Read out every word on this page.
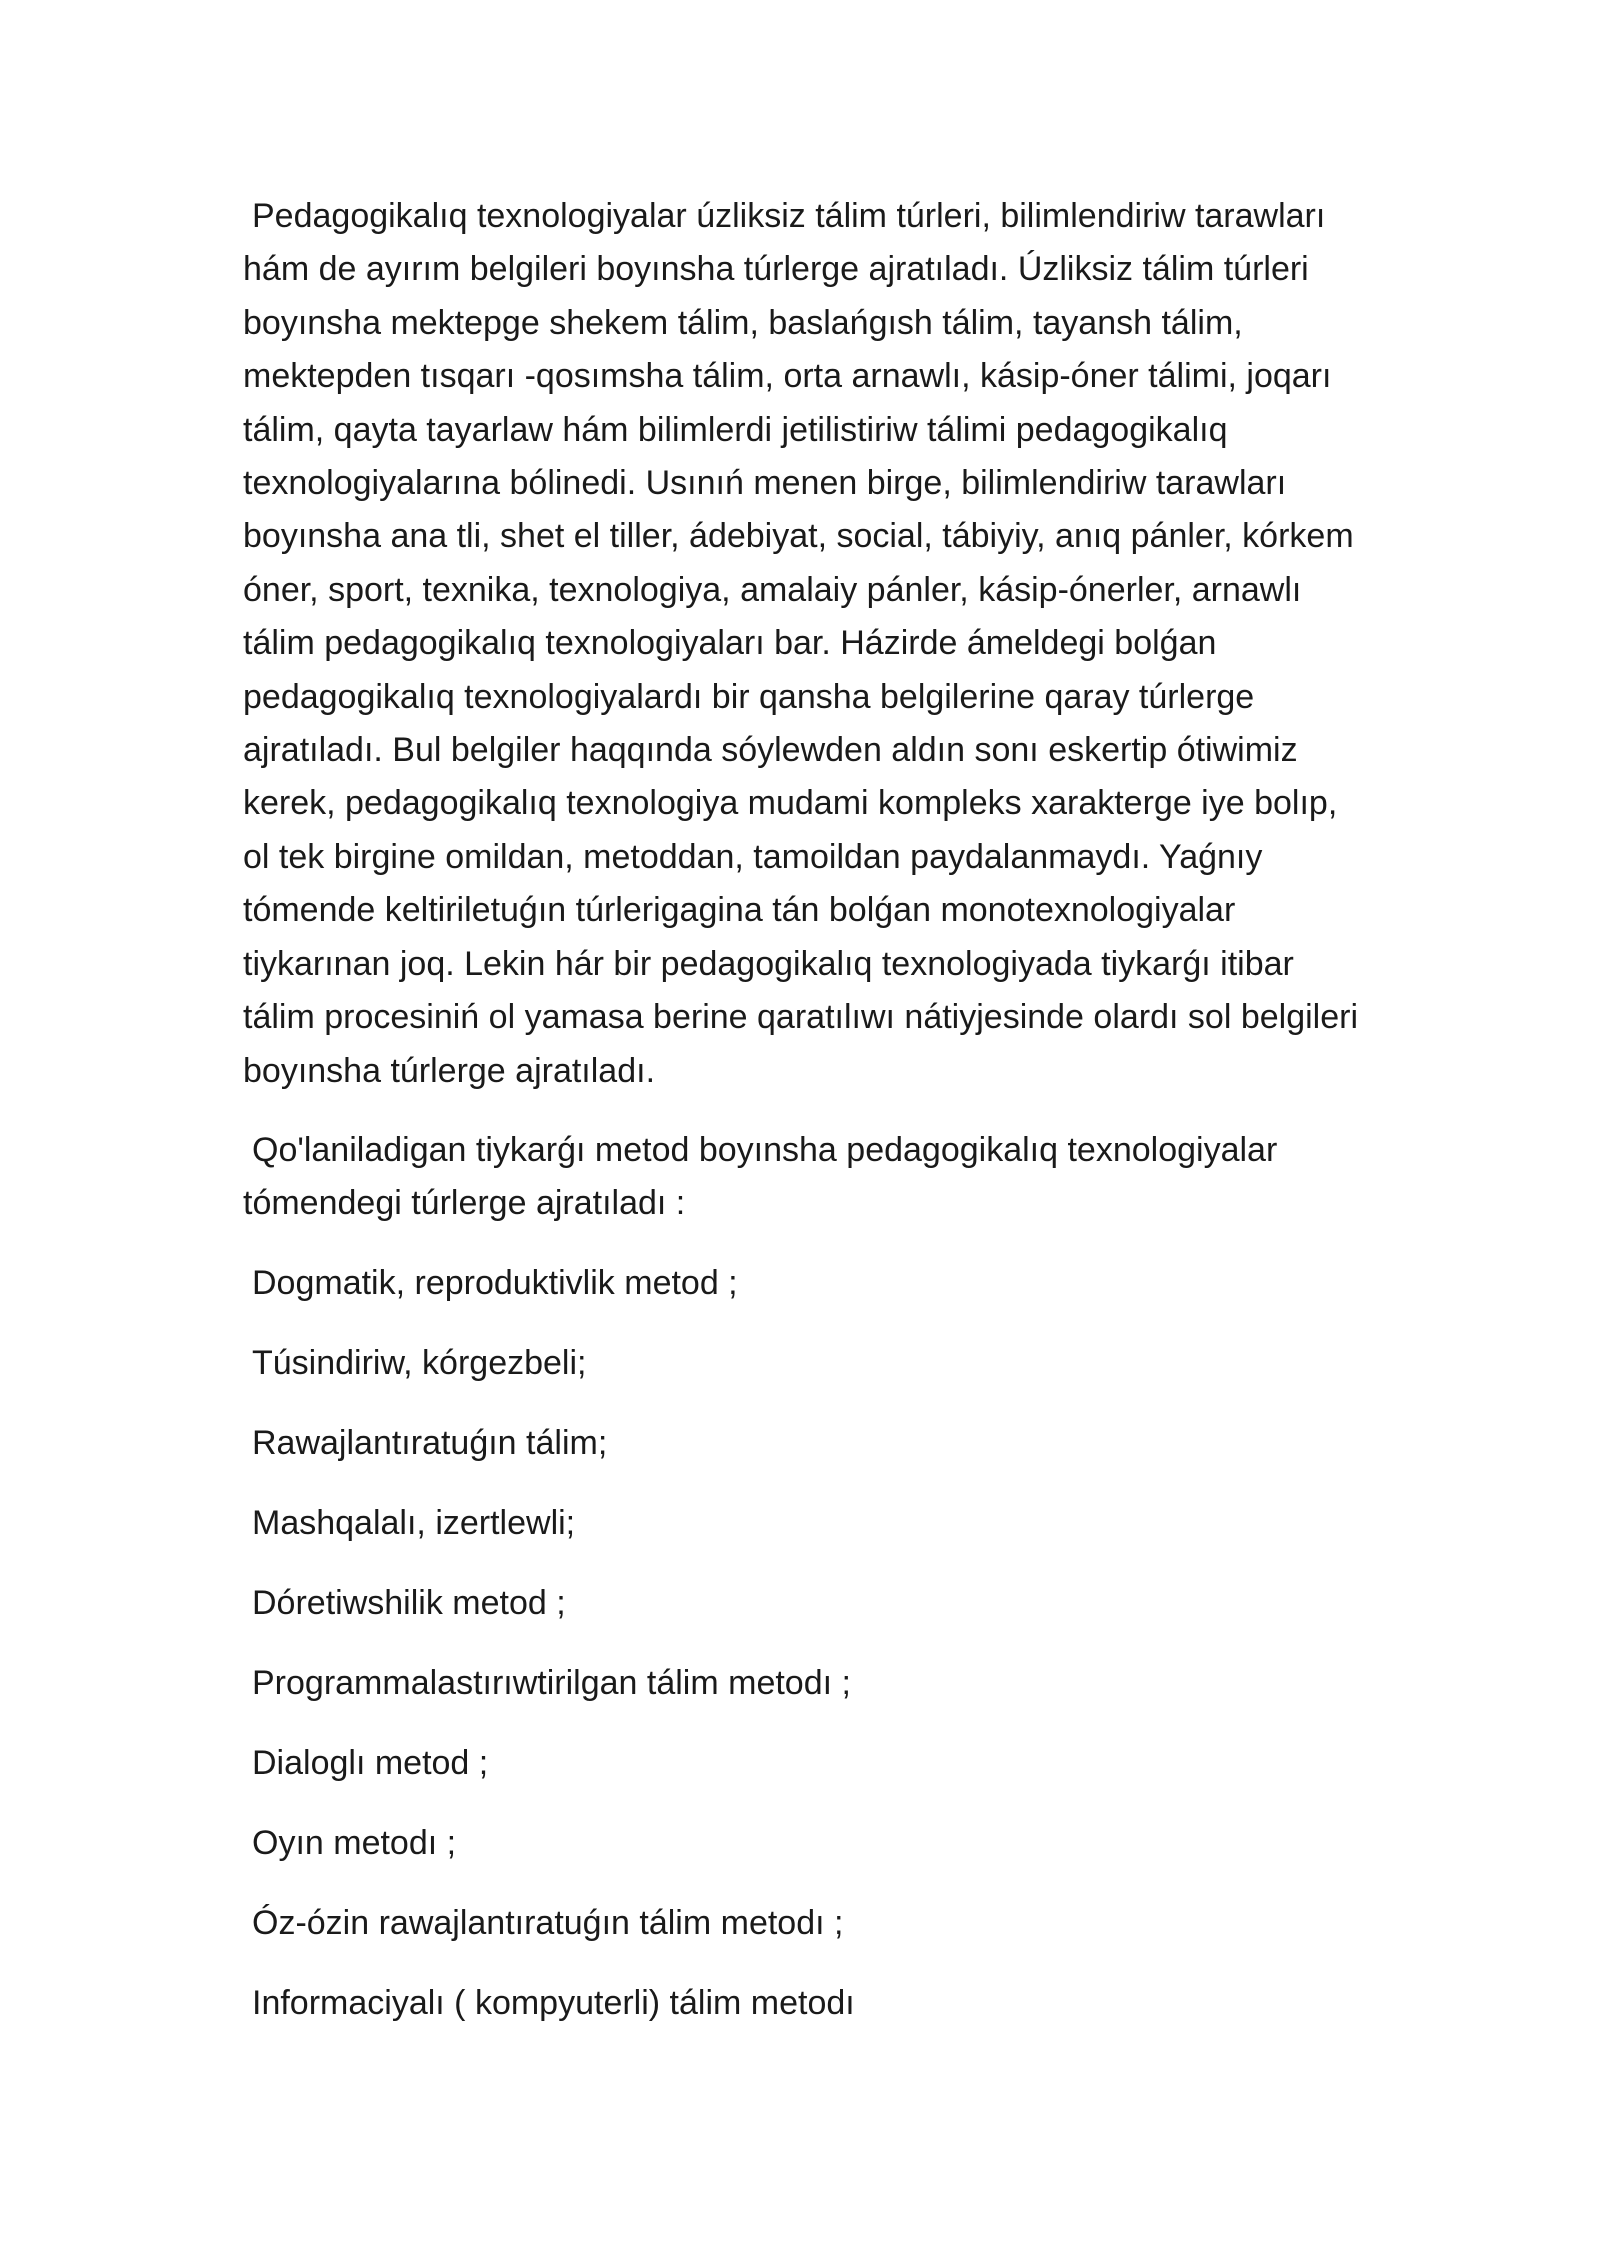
Pedagogikalıq texnologiyalar úzliksiz tálim túrleri, bilimlendiriw tarawları hám de ayırım belgileri boyınsha túrlerge ajratıladı. Úzliksiz tálim túrleri boyınsha mektepge shekem tálim, baslańgısh tálim, tayansh tálim, mektepden tısqarı -qosımsha tálim, orta arnawlı, kásip-óner tálimi, joqarı tálim, qayta tayarlaw hám bilimlerdi jetilistiriw tálimi pedagogikalıq texnologiyalarına bólinedi. Usınıń menen birge, bilimlendiriw tarawları boyınsha ana tli, shet el tiller, ádebiyat, social, tábiyiy, anıq pánler, kórkem óner, sport, texnika, texnologiya, amalaiy pánler, kásip-ónerler, arnawlı tálim pedagogikalıq texnologiyaları bar. Házirde ámeldegi bolǵan pedagogikalıq texnologiyalardı bir qansha belgilerine qaray túrlerge ajratıladı. Bul belgiler haqqında sóylewden aldın sonı eskertip ótiwimiz kerek, pedagogikalıq texnologiya mudami kompleks xarakterge iye bolıp, ol tek birgine omildan, metoddan, tamoildan paydalanmaydı. Yaǵnıy tómende keltiriletuǵın túrlerigagina tán bolǵan monotexnologiyalar tiykarınan joq. Lekin hár bir pedagogikalıq texnologiyada tiykarǵı itibar tálim procesiniń ol yamasa berine qaratılıwı nátiyjesinde olardı sol belgileri boyınsha túrlerge ajratıladı.

Qo'laniladigan tiykarǵı metod boyınsha pedagogikalıq texnologiyalar tómendegi túrlerge ajratıladı :

Dogmatik, reproduktivlik metod ;
Túsindiriw, kórgezbeli;
Rawajlantıratuǵın tálim;
Mashqalalı, izertlewli;
Dóretiwshilik metod ;
Programmalastırıwtirilgan tálim metodı ;
Dialoglı metod ;
Oyın metodı ;
Óz-ózin rawajlantıratuǵın tálim metodı ;
Informaciyalı ( kompyuterli) tálim metodı
